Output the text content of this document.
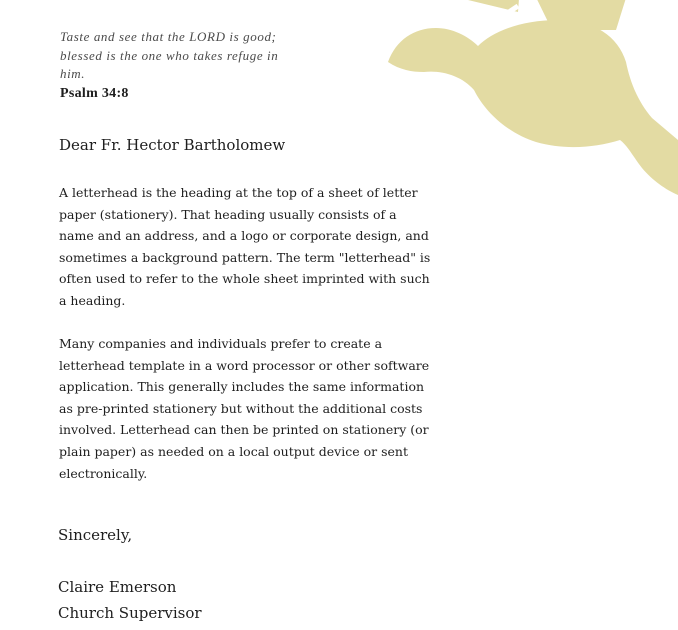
Taste and see that the LORD is good; blessed is the one who takes refuge in him.
Psalm 34:8
Dear Fr. Hector Bartholomew

A letterhead is the heading at the top of a sheet of letter paper (stationery). That heading usually consists of a name and an address, and a logo or corporate design, and sometimes a background pattern. The term "letterhead" is often used to refer to the whole sheet imprinted with such a heading.

Many companies and individuals prefer to create a letterhead template in a word processor or other software application. This generally includes the same information as pre-printed stationery but without the additional costs involved. Letterhead can then be printed on stationery (or plain paper) as needed on a local output device or sent electronically.

Sincerely,
Claire Emerson
Church Supervisor
